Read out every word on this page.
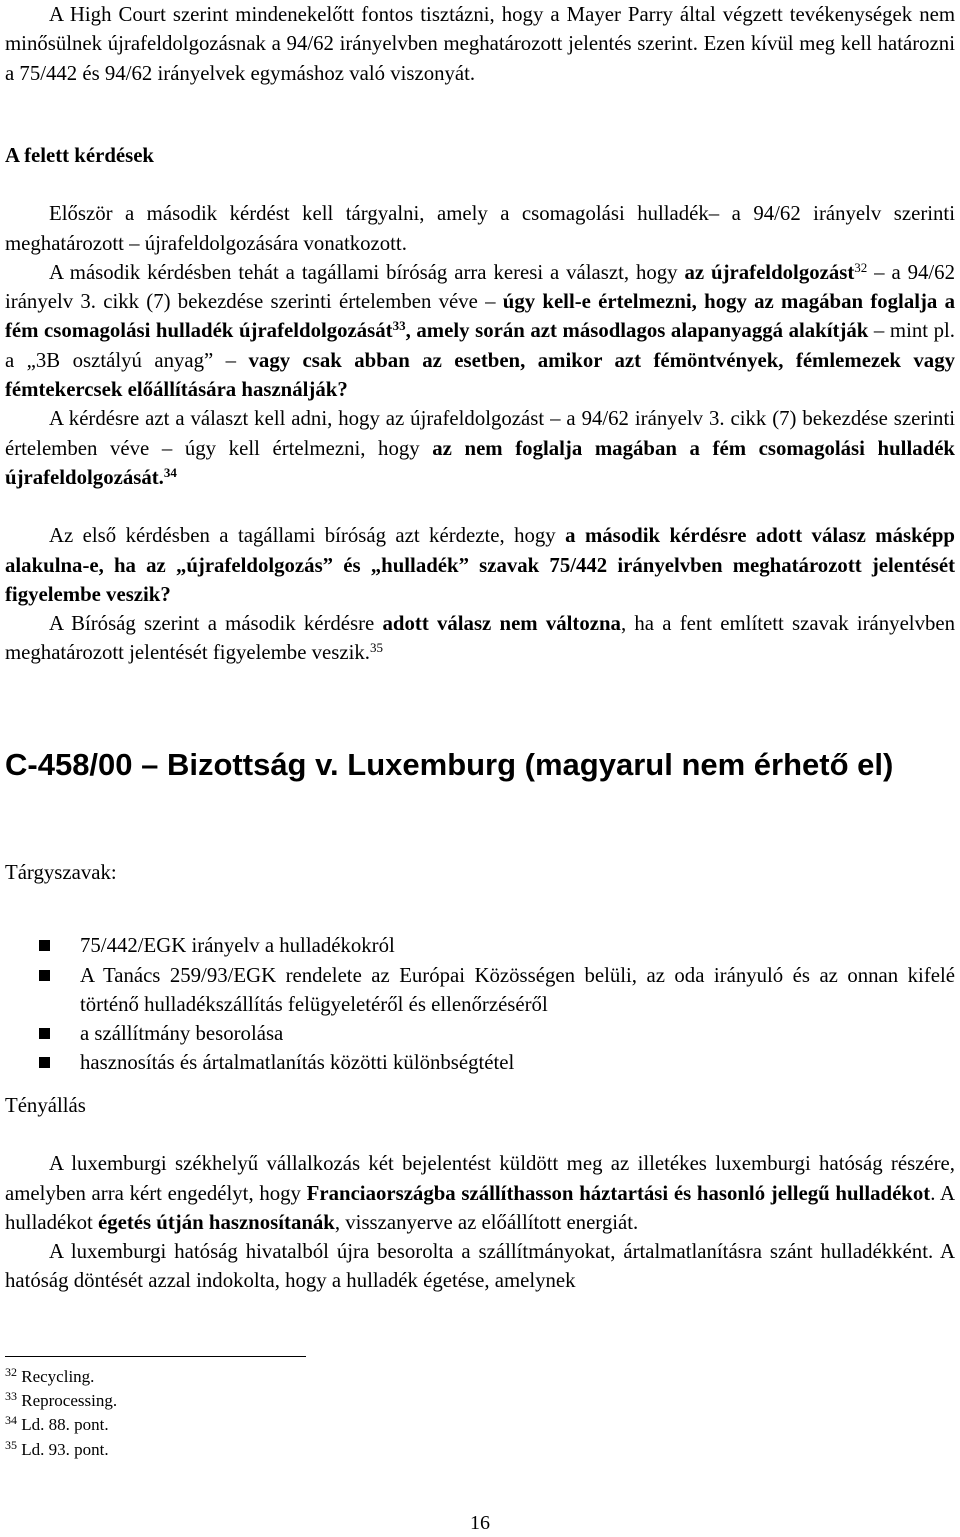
A High Court szerint mindenekelőtt fontos tisztázni, hogy a Mayer Parry által végzett tevékenységek nem minősülnek újrafeldolgozásnak a 94/62 irányelvben meghatározott jelentés szerint. Ezen kívül meg kell határozni a 75/442 és 94/62 irányelvek egymáshoz való viszonyát.

A felett kérdések

Először a második kérdést kell tárgyalni, amely a csomagolási hulladék– a 94/62 irányelv szerinti meghatározott – újrafeldolgozására vonatkozott.

A második kérdésben tehát a tagállami bíróság arra keresi a választ, hogy az újrafeldolgozást$^{32}$ – a 94/62 irányelv 3. cikk (7) bekezdése szerinti értelemben véve – úgy kell-e értelmezni, hogy az magában foglalja a fém csomagolási hulladék újrafeldolgozását$^{33}$, amely során azt másodlagos alapanyaggá alakítják – mint pl. a „3B osztályú anyag” – vagy csak abban az esetben, amikor azt fémöntvények, fémlemezek vagy fémtekercsek előállítására használják?

A kérdésre azt a választ kell adni, hogy az újrafeldolgozást – a 94/62 irányelv 3. cikk (7) bekezdése szerinti értelemben véve – úgy kell értelmezni, hogy az nem foglalja magában a fém csomagolási hulladék újrafeldolgozását.$^{34}$

Az első kérdésben a tagállami bíróság azt kérdezte, hogy a második kérdésre adott válasz másképp alakulna-e, ha az „újrafeldolgozás” és „hulladék” szavak 75/442 irányelvben meghatározott jelentését figyelembe veszik?

A Bíróság szerint a második kérdésre adott válasz nem változna, ha a fent említett szavak irányelvben meghatározott jelentését figyelembe veszik.$^{35}$

C-458/00 – Bizottság v. Luxemburg (magyarul nem érhető el)

Tárgyszavak:

75/442/EGK irányelv a hulladékokról
A Tanács 259/93/EGK rendelete az Európai Közösségen belüli, az oda irányuló és az onnan kifelé történő hulladékszállítás felügyeletéről és ellenőrzéséről
a szállítmány besorolása
hasznosítás és ártalmatlanítás közötti különbségtétel

Tényállás

A luxemburgi székhelyű vállalkozás két bejelentést küldött meg az illetékes luxemburgi hatóság részére, amelyben arra kért engedélyt, hogy Franciaországba szállíthasson háztartási és hasonló jellegű hulladékot. A hulladékot égetés útján hasznosítanák, visszanyerve az előállított energiát.

A luxemburgi hatóság hivatalból újra besorolta a szállítmányokat, ártalmatlanításra szánt hulladékként. A hatóság döntését azzal indokolta, hogy a hulladék égetése, amelynek

$^{32}$ Recycling.
$^{33}$ Reprocessing.
$^{34}$ Ld. 88. pont.
$^{35}$ Ld. 93. pont.
16
